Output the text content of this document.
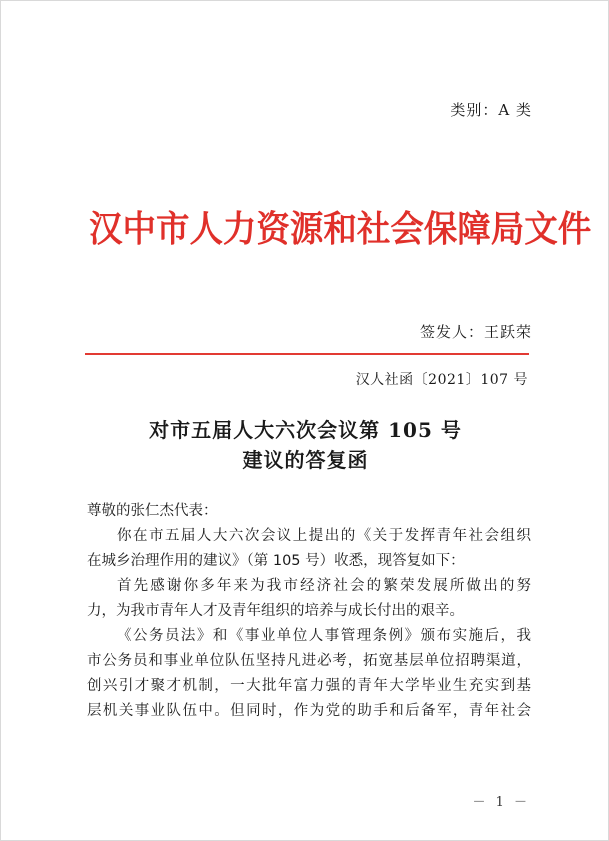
类别：A 类
汉中市人力资源和社会保障局文件
签发人：王跃荣
汉人社函〔2021〕107 号
对市五届人大六次会议第 105 号
建议的答复函
尊敬的张仁杰代表：
你在市五届人大六次会议上提出的《关于发挥青年社会组织
在城乡治理作用的建议》（第 105 号）收悉，现答复如下：
首先感谢你多年来为我市经济社会的繁荣发展所做出的努
力，为我市青年人才及青年组织的培养与成长付出的艰辛。
《公务员法》和《事业单位人事管理条例》颁布实施后，我
市公务员和事业单位队伍坚持凡进必考，拓宽基层单位招聘渠道，
创兴引才聚才机制，一大批年富力强的青年大学毕业生充实到基
层机关事业队伍中。但同时，作为党的助手和后备军，青年社会
－ 1 －
